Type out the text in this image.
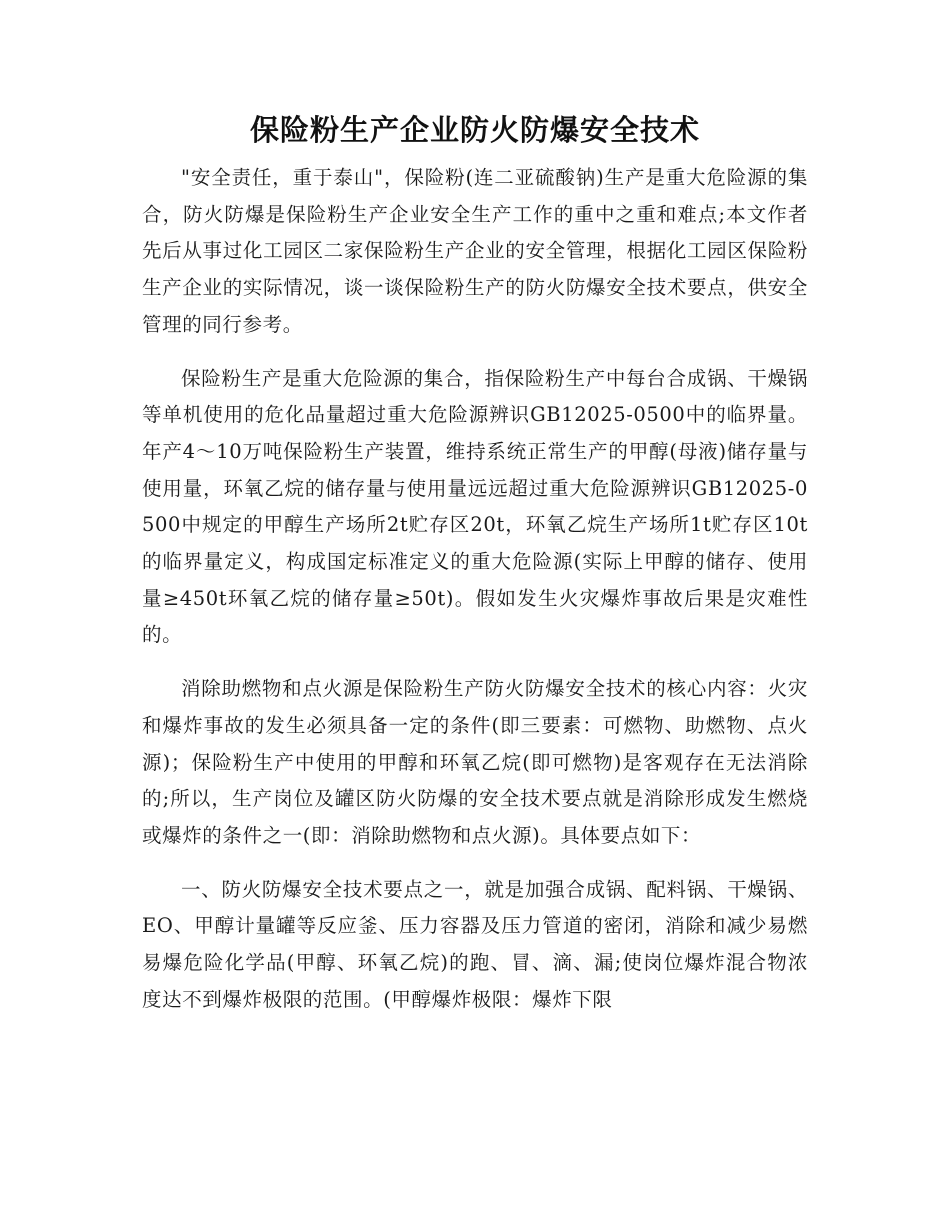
保险粉生产企业防火防爆安全技术

"安全责任，重于泰山"，保险粉(连二亚硫酸钠)生产是重大危险源的集合，防火防爆是保险粉生产企业安全生产工作的重中之重和难点;本文作者先后从事过化工园区二家保险粉生产企业的安全管理，根据化工园区保险粉生产企业的实际情况，谈一谈保险粉生产的防火防爆安全技术要点，供安全管理的同行参考。

保险粉生产是重大危险源的集合，指保险粉生产中每台合成锅、干燥锅等单机使用的危化品量超过重大危险源辨识GB12025-0500中的临界量。年产4～10万吨保险粉生产装置，维持系统正常生产的甲醇(母液)储存量与使用量，环氧乙烷的储存量与使用量远远超过重大危险源辨识GB12025-0500中规定的甲醇生产场所2t贮存区20t，环氧乙烷生产场所1t贮存区10t的临界量定义，构成国定标准定义的重大危险源(实际上甲醇的储存、使用量≥450t环氧乙烷的储存量≥50t)。假如发生火灾爆炸事故后果是灾难性的。

消除助燃物和点火源是保险粉生产防火防爆安全技术的核心内容：火灾和爆炸事故的发生必须具备一定的条件(即三要素：可燃物、助燃物、点火源)；保险粉生产中使用的甲醇和环氧乙烷(即可燃物)是客观存在无法消除的;所以，生产岗位及罐区防火防爆的安全技术要点就是消除形成发生燃烧或爆炸的条件之一(即：消除助燃物和点火源)。具体要点如下：

一、防火防爆安全技术要点之一，就是加强合成锅、配料锅、干燥锅、EO、甲醇计量罐等反应釜、压力容器及压力管道的密闭，消除和减少易燃易爆危险化学品(甲醇、环氧乙烷)的跑、冒、滴、漏;使岗位爆炸混合物浓度达不到爆炸极限的范围。(甲醇爆炸极限：爆炸下限
